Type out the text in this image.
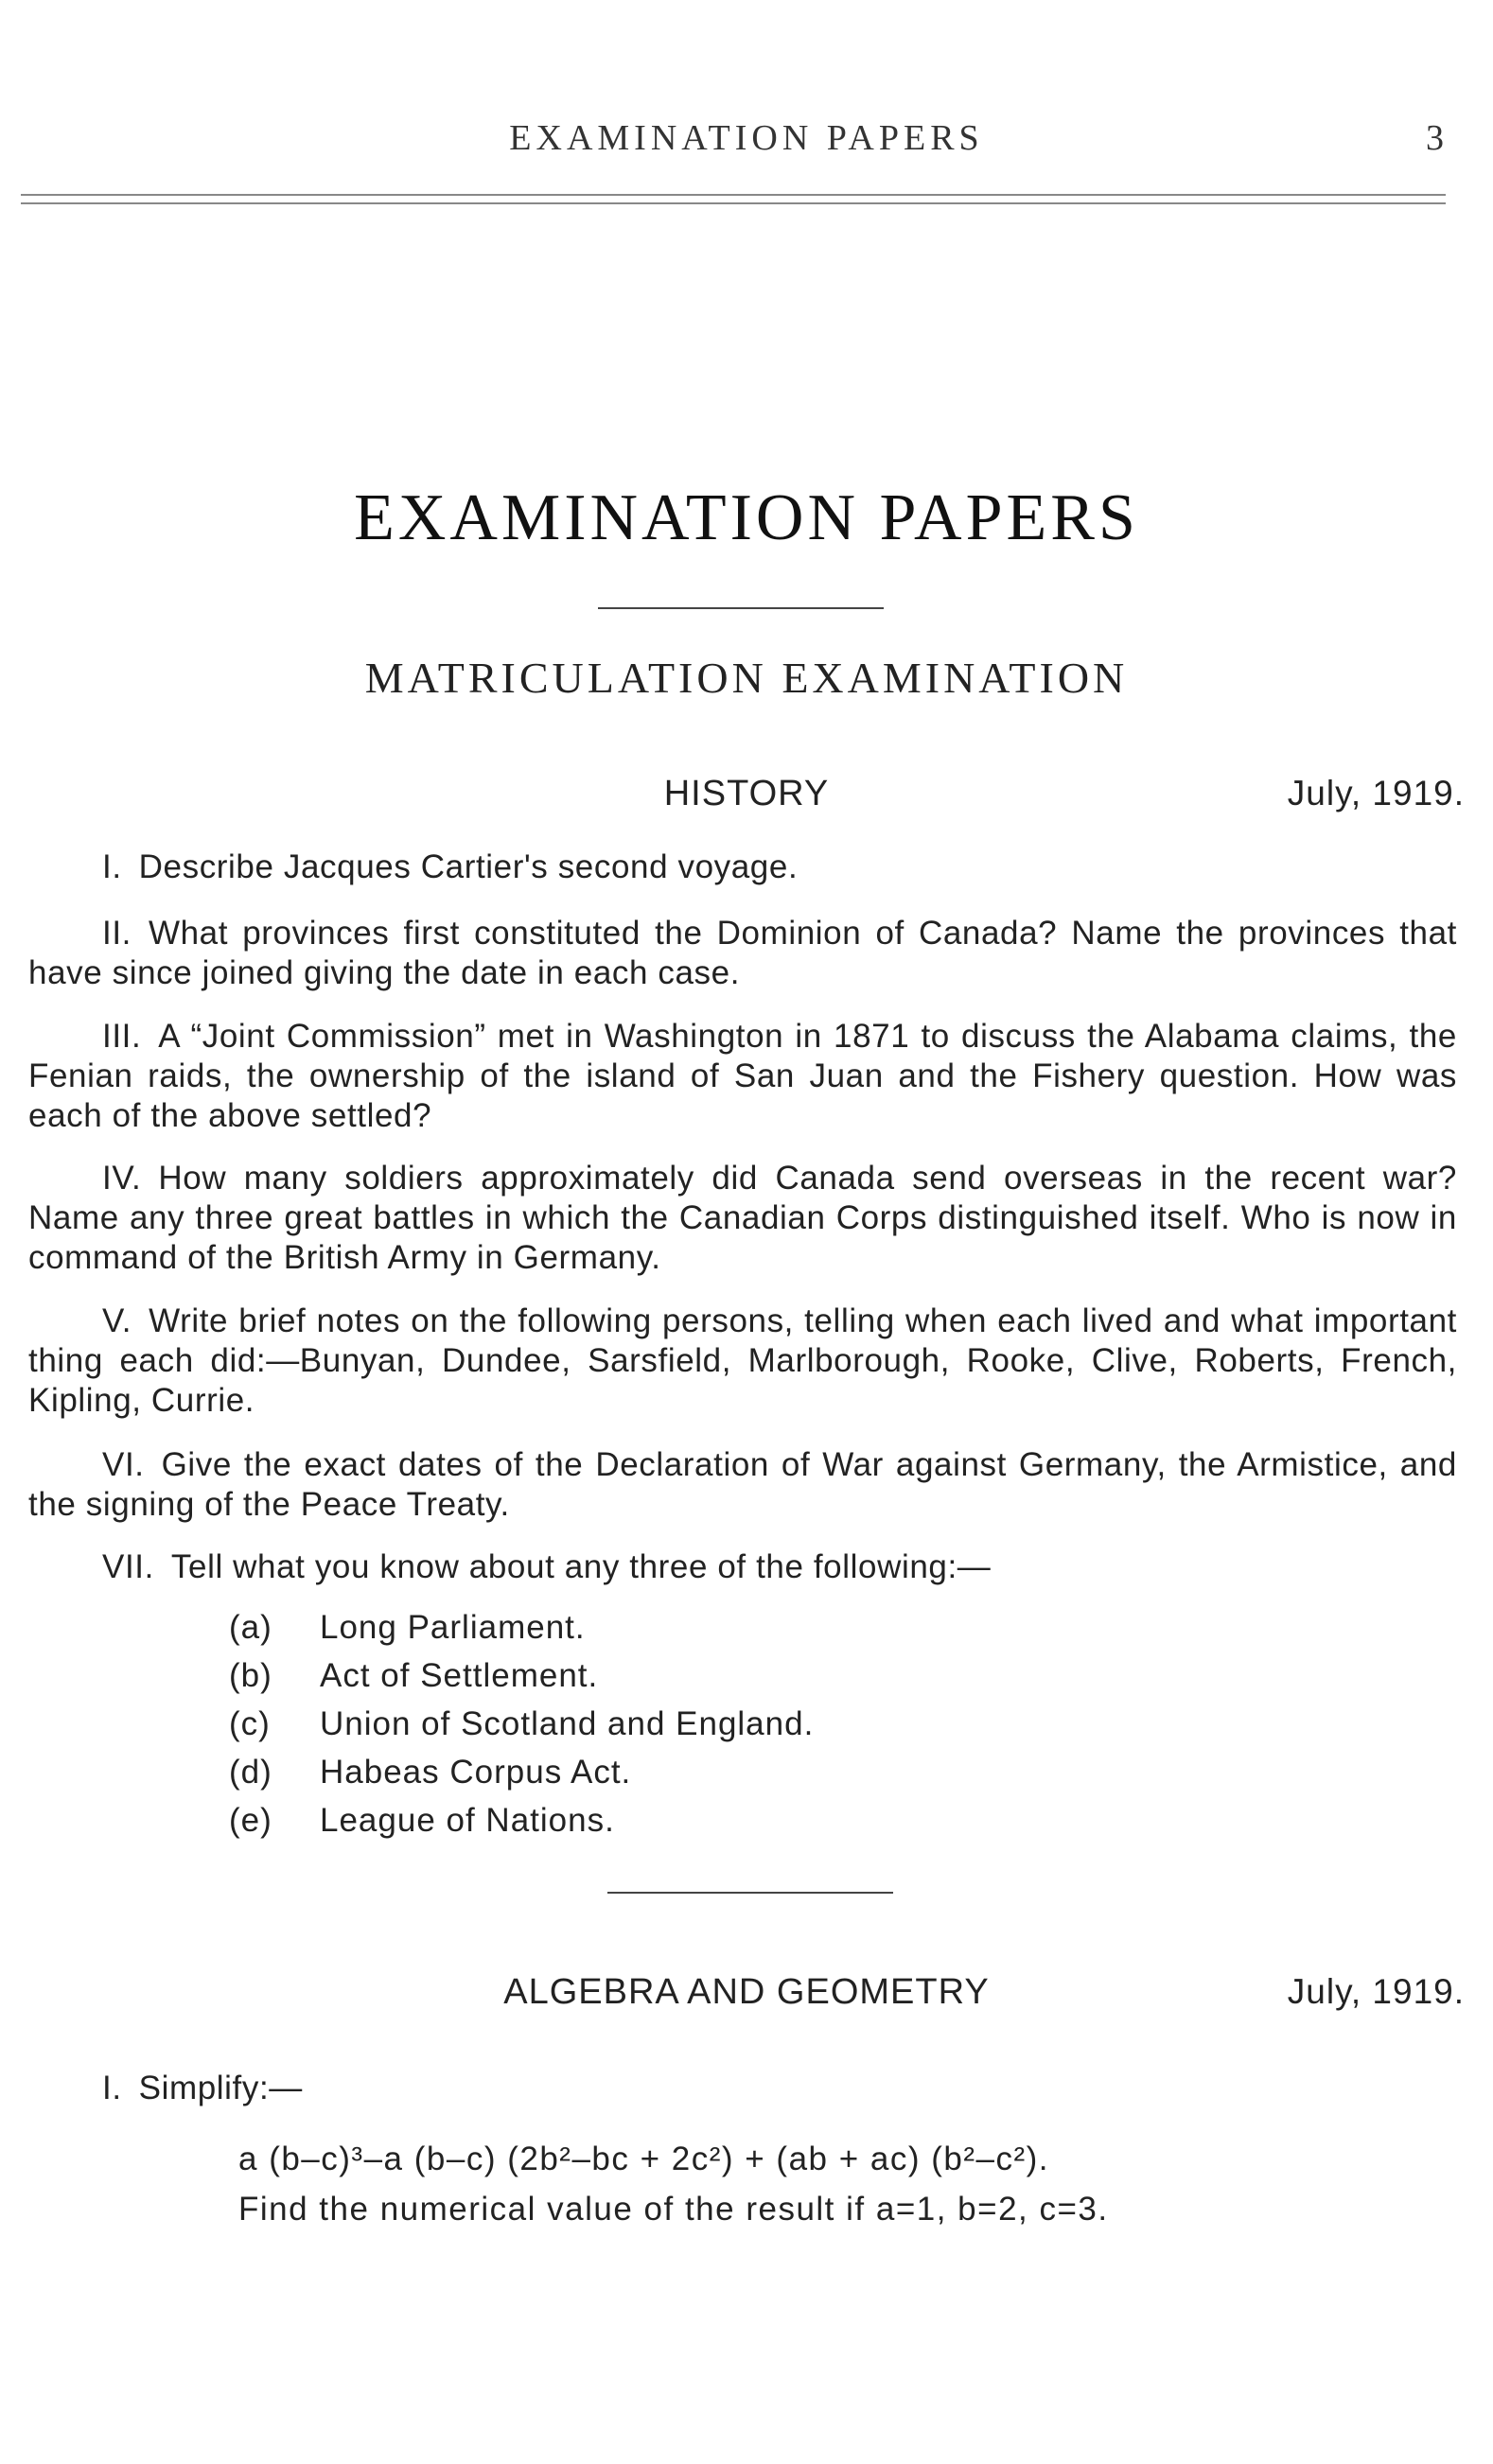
EXAMINATION PAPERS	3
EXAMINATION PAPERS
MATRICULATION EXAMINATION
HISTORY	July, 1919.
I. Describe Jacques Cartier's second voyage.
II. What provinces first constituted the Dominion of Canada? Name the provinces that have since joined giving the date in each case.
III. A “Joint Commission” met in Washington in 1871 to discuss the Alabama claims, the Fenian raids, the ownership of the island of San Juan and the Fishery question. How was each of the above settled?
IV. How many soldiers approximately did Canada send overseas in the recent war? Name any three great battles in which the Canadian Corps distinguished itself. Who is now in command of the British Army in Germany.
V. Write brief notes on the following persons, telling when each lived and what important thing each did:—Bunyan, Dundee, Sarsfield, Marlborough, Rooke, Clive, Roberts, French, Kipling, Currie.
VI. Give the exact dates of the Declaration of War against Germany, the Armistice, and the signing of the Peace Treaty.
VII. Tell what you know about any three of the following:—
(a) Long Parliament.
(b) Act of Settlement.
(c) Union of Scotland and England.
(d) Habeas Corpus Act.
(e) League of Nations.
ALGEBRA AND GEOMETRY	July, 1919.
I. Simplify:—
a (b–c)³–a (b–c) (2b²–bc + 2c²) + (ab + ac) (b²–c²).
Find the numerical value of the result if a=1, b=2, c=3.
